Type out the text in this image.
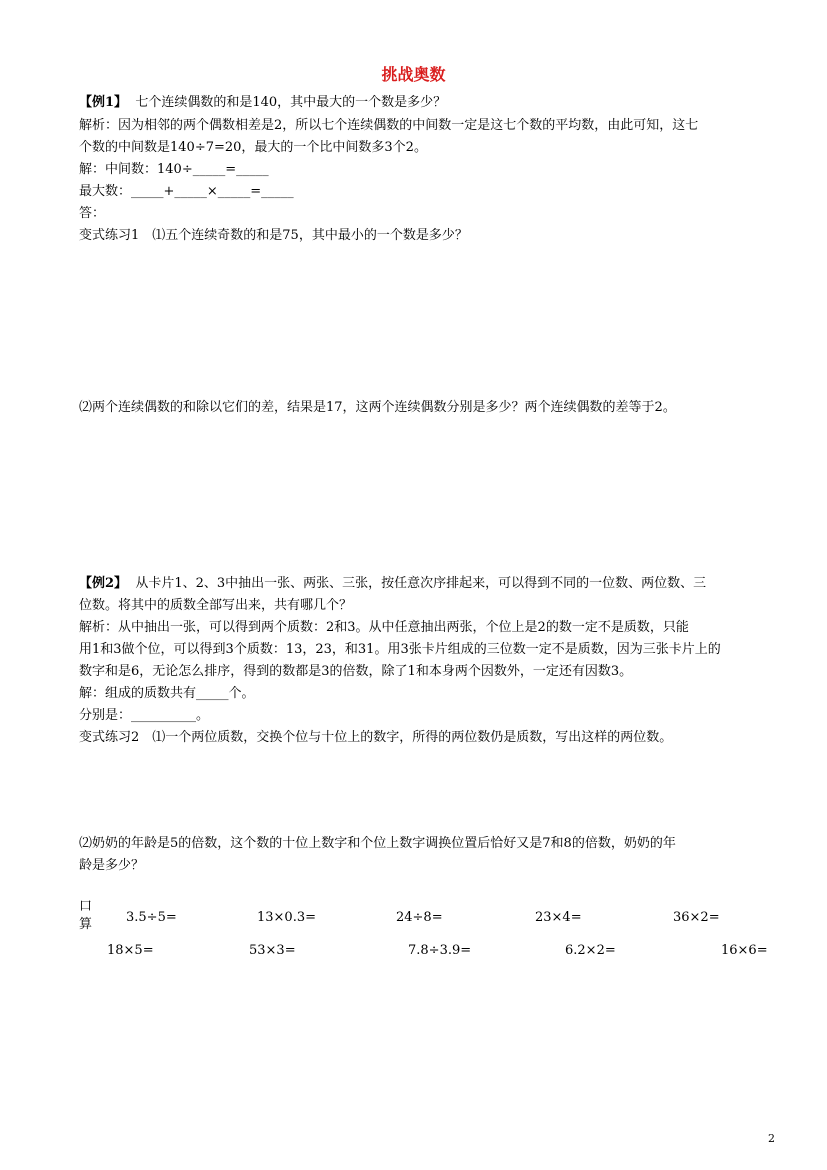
挑战奥数
【例1】 七个连续偶数的和是140，其中最大的一个数是多少？
解析：因为相邻的两个偶数相差是2，所以七个连续偶数的中间数一定是这七个数的平均数，由此可知，这七
个数的中间数是140÷7=20，最大的一个比中间数多3个2。
解：中间数：140÷_____=_____
最大数：_____+_____×_____=_____
答：
变式练习1　⑴五个连续奇数的和是75，其中最小的一个数是多少？
⑵两个连续偶数的和除以它们的差，结果是17，这两个连续偶数分别是多少？两个连续偶数的差等于2。
【例2】 从卡片1、2、3中抽出一张、两张、三张，按任意次序排起来，可以得到不同的一位数、两位数、三
位数。将其中的质数全部写出来，共有哪几个？
解析：从中抽出一张，可以得到两个质数：2和3。从中任意抽出两张，个位上是2的数一定不是质数，只能
用1和3做个位，可以得到3个质数：13，23，和31。用3张卡片组成的三位数一定不是质数，因为三张卡片上的
数字和是6，无论怎么排序，得到的数都是3的倍数，除了1和本身两个因数外，一定还有因数3。
解：组成的质数共有_____个。
分别是：__________。
变式练习2　⑴一个两位质数，交换个位与十位上的数字，所得的两位数仍是质数，写出这样的两位数。
⑵奶奶的年龄是5的倍数，这个数的十位上数字和个位上数字调换位置后恰好又是7和8的倍数，奶奶的年
龄是多少？
口算	3.5÷5=	13×0.3=	24÷8=	23×4=	36×2=
18×5=	53×3=	7.8÷3.9=	6.2×2=	16×6=
2
